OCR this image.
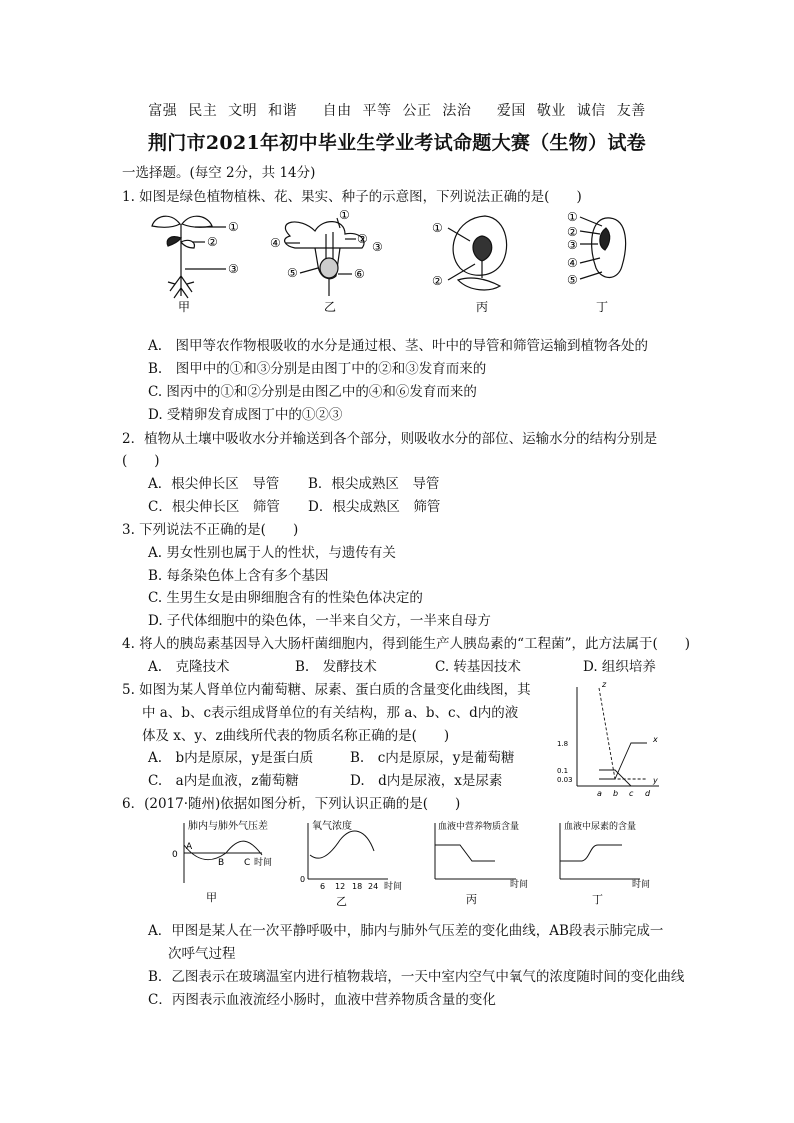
富强 民主 文明 和谐　 自由 平等 公正 法治　 爱国 敬业 诚信 友善
荆门市2021年初中毕业生学业考试命题大赛（生物）试卷
一选择题。(每空 2分，共 14分)
1. 如图是绿色植物植株、花、果实、种子的示意图，下列说法正确的是(　　)
①
②
③
甲
①
②
③
④
⑤	⑥
乙
①
②
丙
①
②
③
④
⑤
丁
A.　图甲等农作物根吸收的水分是通过根、茎、叶中的导管和筛管运输到植物各处的
B.　图甲中的①和③分别是由图丁中的②和③发育而来的
C. 图丙中的①和②分别是由图乙中的④和⑥发育而来的
D. 受精卵发育成图丁中的①②③
2．植物从土壤中吸收水分并输送到各个部分，则吸收水分的部位、运输水分的结构分别是
(　　)
A．根尖伸长区　导管 B．根尖成熟区　导管
C．根尖伸长区　筛管 D．根尖成熟区　筛管
3. 下列说法不正确的是(　　)
A. 男女性别也属于人的性状，与遗传有关
B. 每条染色体上含有多个基因
C. 生男生女是由卵细胞含有的性染色体决定的
D. 子代体细胞中的染色体，一半来自父方，一半来自母方
4. 将人的胰岛素基因导入大肠杆菌细胞内，得到能生产人胰岛素的“工程菌”，此方法属于(　　)
A.　克隆技术	B.　发酵技术	C. 转基因技术	D. 组织培养
5. 如图为某人肾单位内葡萄糖、尿素、蛋白质的含量变化曲线图，其
中 a、b、c表示组成肾单位的有关结构，那 a、b、c、d内的液
体及 x、y、z曲线所代表的物质名称正确的是(　　)
A.　b内是原尿，y是蛋白质	B.　c内是原尿，y是葡萄糖
C.　a内是血液，z葡萄糖	D.　d内是尿液，x是尿素	0.03
0.1
1.8
a b c d
x
y
z
6．(2017·随州)依据如图分析，下列认识正确的是(　　)
肺内与肺外气压差
0
A
B C 时间
甲
氧气浓度
0
6 12 18 24 时间
乙
血液中营养物质含量
时间
丙
血液中尿素的含量
时间
丁
A．甲图是某人在一次平静呼吸中，肺内与肺外气压差的变化曲线，AB段表示肺完成一
次呼气过程
B．乙图表示在玻璃温室内进行植物栽培，一天中室内空气中氧气的浓度随时间的变化曲线
C．丙图表示血液流经小肠时，血液中营养物质含量的变化
